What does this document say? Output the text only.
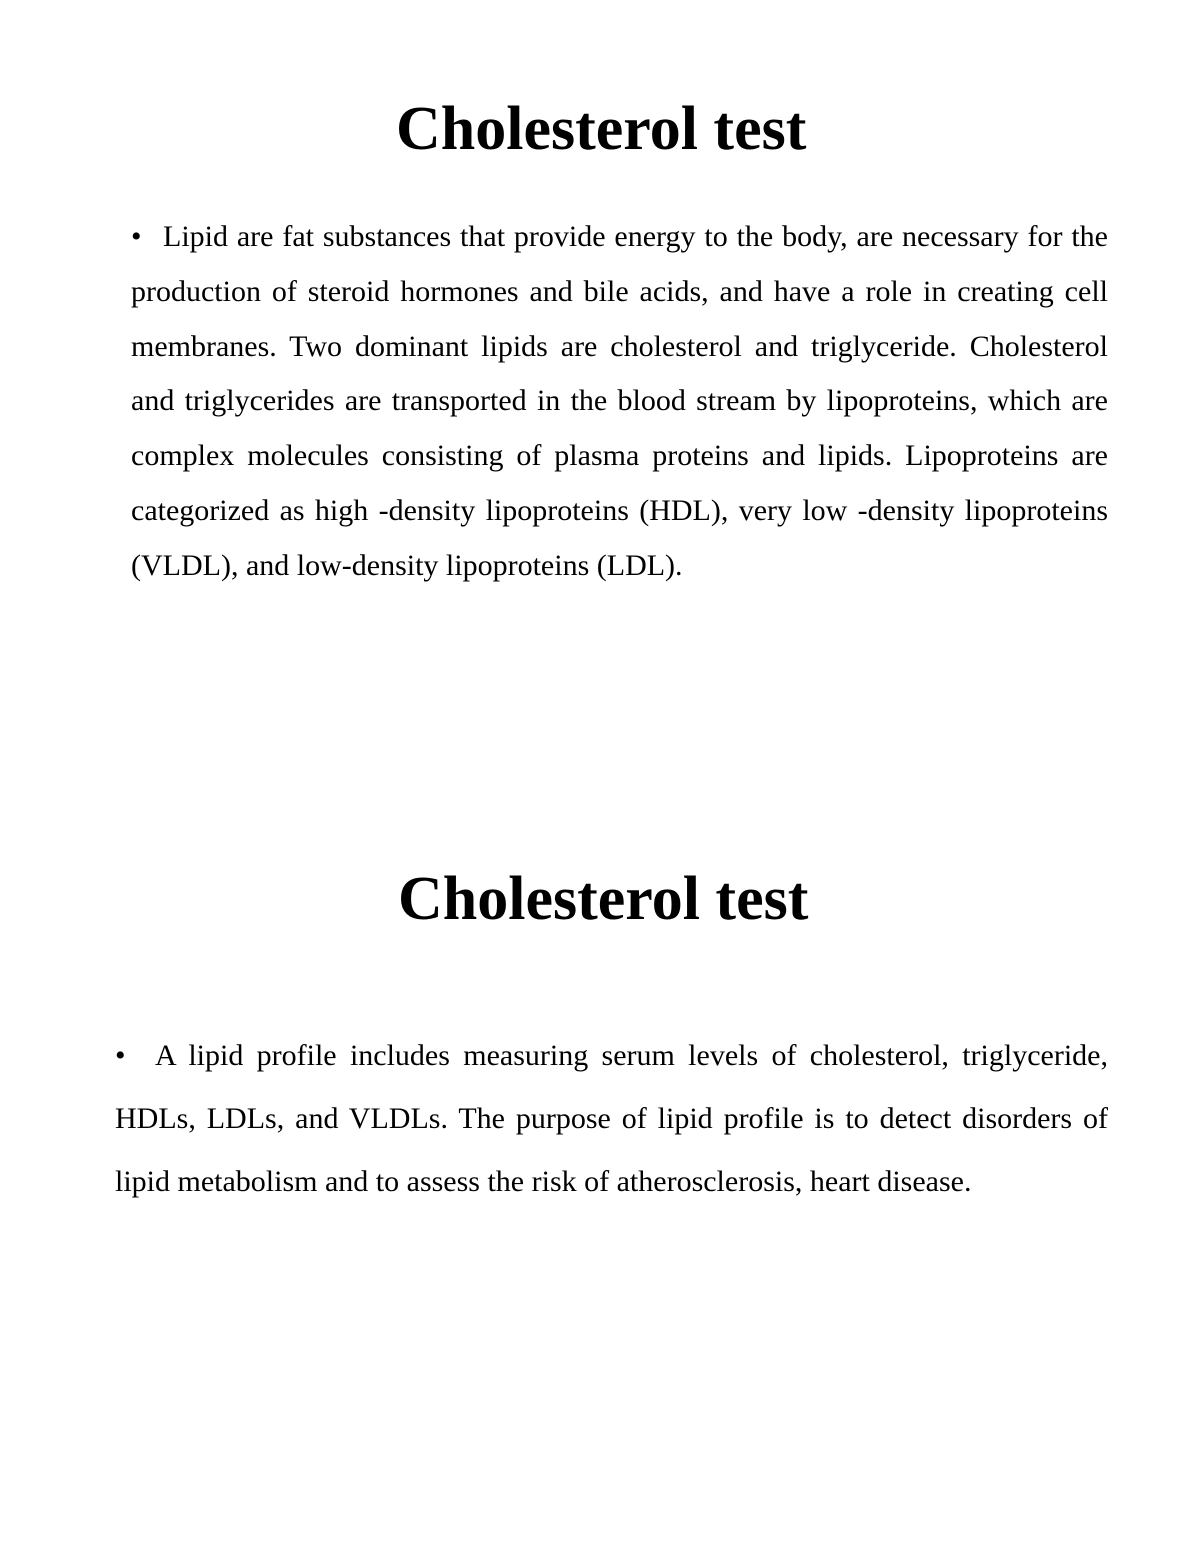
Cholesterol test

• Lipid are fat substances that provide energy to the body, are necessary for the production of steroid hormones and bile acids, and have a role in creating cell membranes. Two dominant lipids are cholesterol and triglyceride. Cholesterol and triglycerides are transported in the blood stream by lipoproteins, which are complex molecules consisting of plasma proteins and lipids. Lipoproteins are categorized as high -density lipoproteins (HDL), very low -density lipoproteins (VLDL), and low-density lipoproteins (LDL).

Cholesterol test

• A lipid profile includes measuring serum levels of cholesterol, triglyceride, HDLs, LDLs, and VLDLs. The purpose of lipid profile is to detect disorders of lipid metabolism and to assess the risk of atherosclerosis, heart disease.
